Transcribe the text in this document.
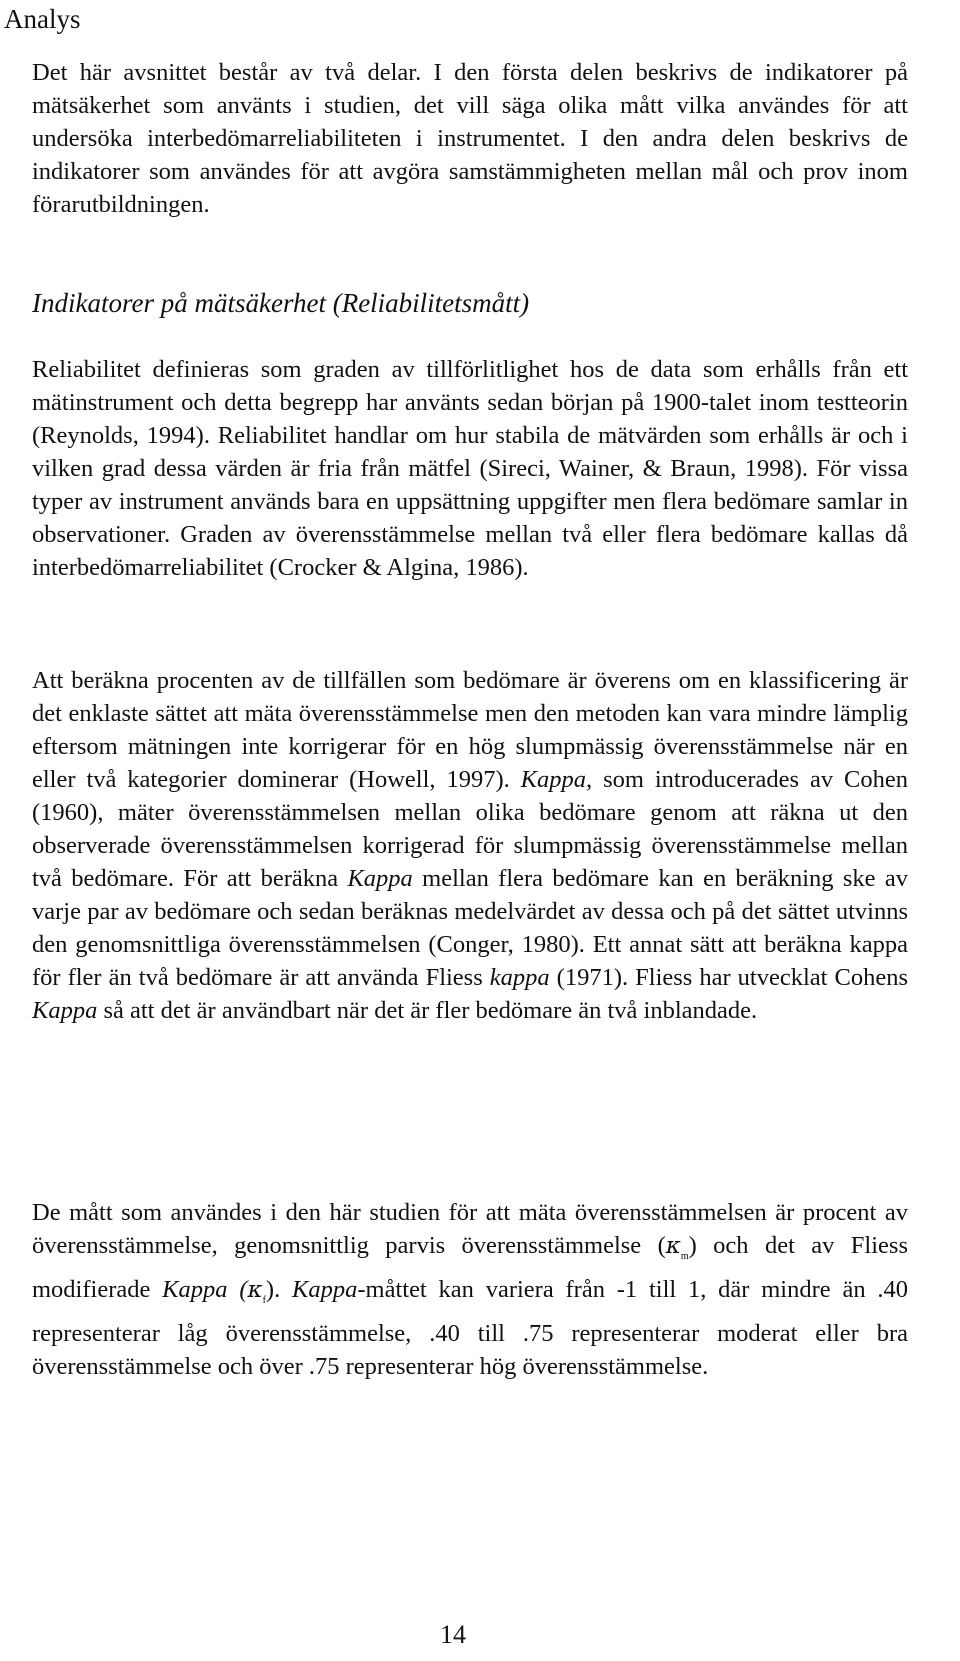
Analys

Det här avsnittet består av två delar. I den första delen beskrivs de indikatorer på mätsäkerhet som använts i studien, det vill säga olika mått vilka användes för att undersöka interbedömarreliabiliteten i instrumentet. I den andra delen beskrivs de indikatorer som användes för att avgöra samstämmigheten mellan mål och prov inom förarutbildningen.

Indikatorer på mätsäkerhet (Reliabilitetsmått)

Reliabilitet definieras som graden av tillförlitlighet hos de data som erhålls från ett mätinstrument och detta begrepp har använts sedan början på 1900-talet inom testteorin (Reynolds, 1994). Reliabilitet handlar om hur stabila de mätvärden som erhålls är och i vilken grad dessa värden är fria från mätfel (Sireci, Wainer, & Braun, 1998). För vissa typer av instrument används bara en uppsättning uppgifter men flera bedömare samlar in observationer. Graden av överensstämmelse mellan två eller flera bedömare kallas då interbedömarreliabilitet (Crocker & Algina, 1986).

Att beräkna procenten av de tillfällen som bedömare är överens om en klassificering är det enklaste sättet att mäta överensstämmelse men den metoden kan vara mindre lämplig eftersom mätningen inte korrigerar för en hög slumpmässig överensstämmelse när en eller två kategorier dominerar (Howell, 1997). Kappa, som introducerades av Cohen (1960), mäter överensstämmelsen mellan olika bedömare genom att räkna ut den observerade överensstämmelsen korrigerad för slumpmässig överensstämmelse mellan två bedömare. För att beräkna Kappa mellan flera bedömare kan en beräkning ske av varje par av bedömare och sedan beräknas medelvärdet av dessa och på det sättet utvinns den genomsnittliga överensstämmelsen (Conger, 1980). Ett annat sätt att beräkna kappa för fler än två bedömare är att använda Fliess kappa (1971). Fliess har utvecklat Cohens Kappa så att det är användbart när det är fler bedömare än två inblandade.

De mått som användes i den här studien för att mäta överensstämmelsen är procent av överensstämmelse, genomsnittlig parvis överensstämmelse $(\kappa_m)$ och det av Fliess modifierade Kappa $(\kappa_f)$. Kappa-måttet kan variera från -1 till 1, där mindre än .40 representerar låg överensstämmelse, .40 till .75 representerar moderat eller bra överensstämmelse och över .75 representerar hög överensstämmelse.

14
